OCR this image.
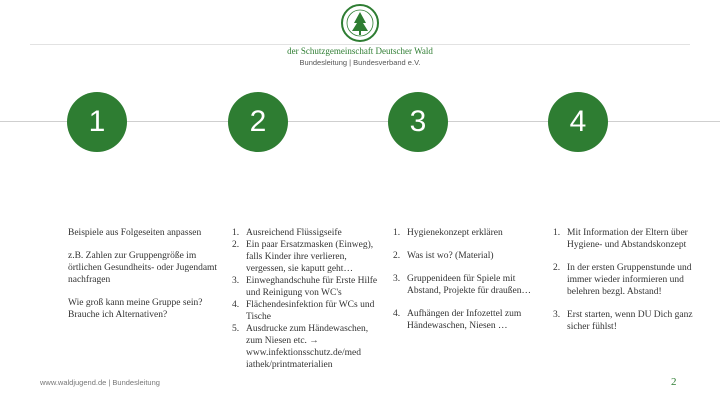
der Schutzgemeinschaft Deutscher Wald
Bundesleitung | Bundesverband e.V.
1	2	3	4

Beispiele aus Folgeseiten anpassen

z.B. Zahlen zur Gruppengröße im örtlichen Gesundheits- oder Jugendamt nachfragen

Wie groß kann meine Gruppe sein? Brauche ich Alternativen?

1. Ausreichend Flüssigseife
2. Ein paar Ersatzmasken (Einweg), falls Kinder ihre verlieren, vergessen, sie kaputt geht…
3. Einweghandschuhe für Erste Hilfe und Reinigung von WC's
4. Flächendesinfektion für WCs und Tische
5. Ausdrucke zum Händewaschen, zum Niesen etc. → www.infektionsschutz.de/med iathek/printmaterialien
1. Hygienekonzept erklären
2. Was ist wo? (Material)
3. Gruppenideen für Spiele mit Abstand, Projekte für draußen…
4. Aufhängen der Infozettel zum Händewaschen, Niesen …
1. Mit Information der Eltern über Hygiene- und Abstandskonzept
2. In der ersten Gruppenstunde und immer wieder informieren und belehren bezgl. Abstand!
3. Erst starten, wenn DU Dich ganz sicher fühlst!
www.waldjugend.de | Bundesleitung	2
